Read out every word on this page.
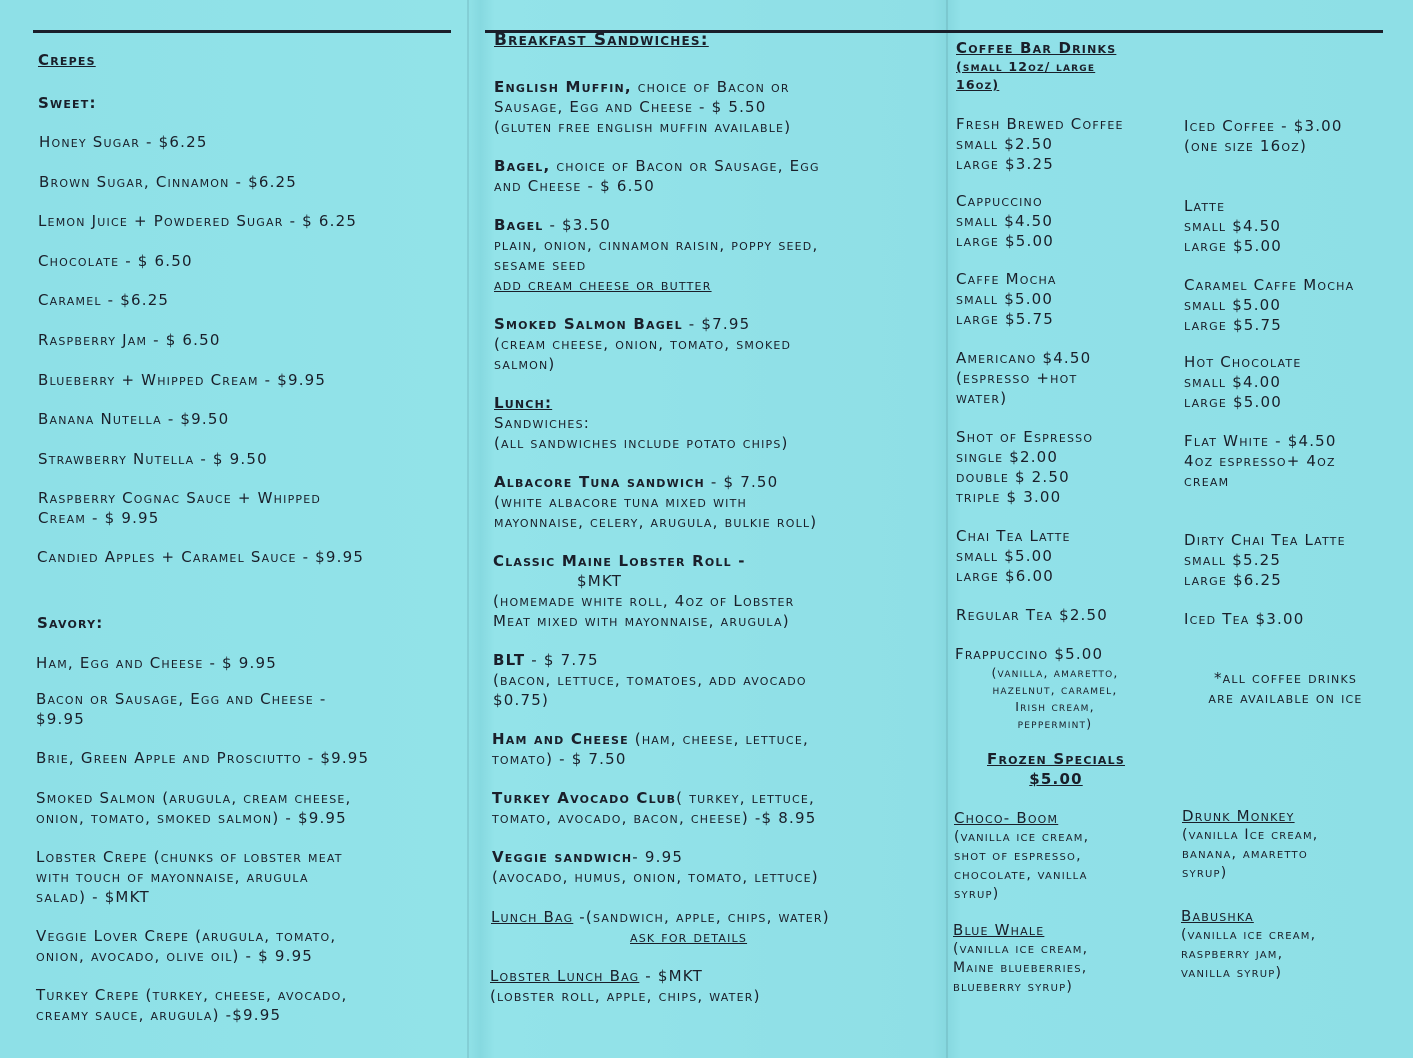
Crepes

Sweet:

Honey Sugar - $6.25

Brown Sugar, Cinnamon - $6.25

Lemon Juice + Powdered Sugar - $ 6.25

Chocolate - $ 6.50

Caramel - $6.25

Raspberry Jam - $ 6.50

Blueberry + Whipped Cream - $9.95

Banana Nutella - $9.50

Strawberry Nutella - $ 9.50

Raspberry Cognac Sauce + Whipped

Cream - $ 9.95

Candied Apples + Caramel Sauce - $9.95

Savory:

Ham, Egg and Cheese - $ 9.95

Bacon or Sausage, Egg and Cheese -

$9.95

Brie, Green Apple and Prosciutto - $9.95

Smoked Salmon (arugula, cream cheese,

onion, tomato, smoked salmon) - $9.95

Lobster Crepe (chunks of lobster meat

with touch of mayonnaise, arugula

salad) - $MKT

Veggie Lover Crepe (arugula, tomato,

onion, avocado, olive oil) - $ 9.95

Turkey Crepe (turkey, cheese, avocado,

creamy sauce, arugula) -$9.95

Breakfast Sandwiches:

English Muffin, choice of Bacon or

Sausage, Egg and Cheese - $ 5.50

(gluten free english muffin available)

Bagel, choice of Bacon or Sausage, Egg

and Cheese - $ 6.50

Bagel - $3.50

plain, onion, cinnamon raisin, poppy seed,

sesame seed

add cream cheese or butter

Smoked Salmon Bagel - $7.95

(cream cheese, onion, tomato, smoked

salmon)

Lunch:

Sandwiches:

(all sandwiches include potato chips)

Albacore Tuna sandwich - $ 7.50

(white albacore tuna mixed with

mayonnaise, celery, arugula, bulkie roll)

Classic Maine Lobster Roll -

$MKT

(homemade white roll, 4oz of Lobster

Meat mixed with mayonnaise, arugula)

BLT - $ 7.75

(bacon, lettuce, tomatoes, add avocado

$0.75)

Ham and Cheese (ham, cheese, lettuce,

tomato) - $ 7.50

Turkey Avocado Club( turkey, lettuce,

tomato, avocado, bacon, cheese) -$ 8.95

Veggie sandwich- 9.95

(avocado, humus, onion, tomato, lettuce)

Lunch Bag -(sandwich, apple, chips, water)

ask for details

Lobster Lunch Bag - $MKT

(lobster roll, apple, chips, water)

Coffee Bar Drinks

(small 12oz/ large

16oz)

Fresh Brewed Coffee

small $2.50

large $3.25

Cappuccino

small $4.50

large $5.00

Caffe Mocha

small $5.00

large $5.75

Americano $4.50

(espresso +hot

water)

Shot of Espresso

single $2.00

double $ 2.50

triple $ 3.00

Chai Tea Latte

small $5.00

large $6.00

Regular Tea $2.50

Iced Coffee - $3.00

(one size 16oz)

Latte

small $4.50

large $5.00

Caramel Caffe Mocha

small $5.00

large $5.75

Hot Chocolate

small $4.00

large $5.00

Flat White - $4.50

4oz espresso+ 4oz

cream

Dirty Chai Tea Latte

small $5.25

large $6.25

Iced Tea $3.00

Frappuccino $5.00

(vanilla, amaretto,

hazelnut, caramel,

Irish cream,

peppermint)

*all coffee drinks

are available on ice

Frozen Specials

$5.00

Choco- Boom

(vanilla ice cream,

shot of espresso,

chocolate, vanilla

syrup)

Drunk Monkey

(vanilla Ice cream,

banana, amaretto

syrup)

Blue Whale

(vanilla ice cream,

Maine blueberries,

blueberry syrup)

Babushka

(vanilla ice cream,

raspberry jam,

vanilla syrup)
